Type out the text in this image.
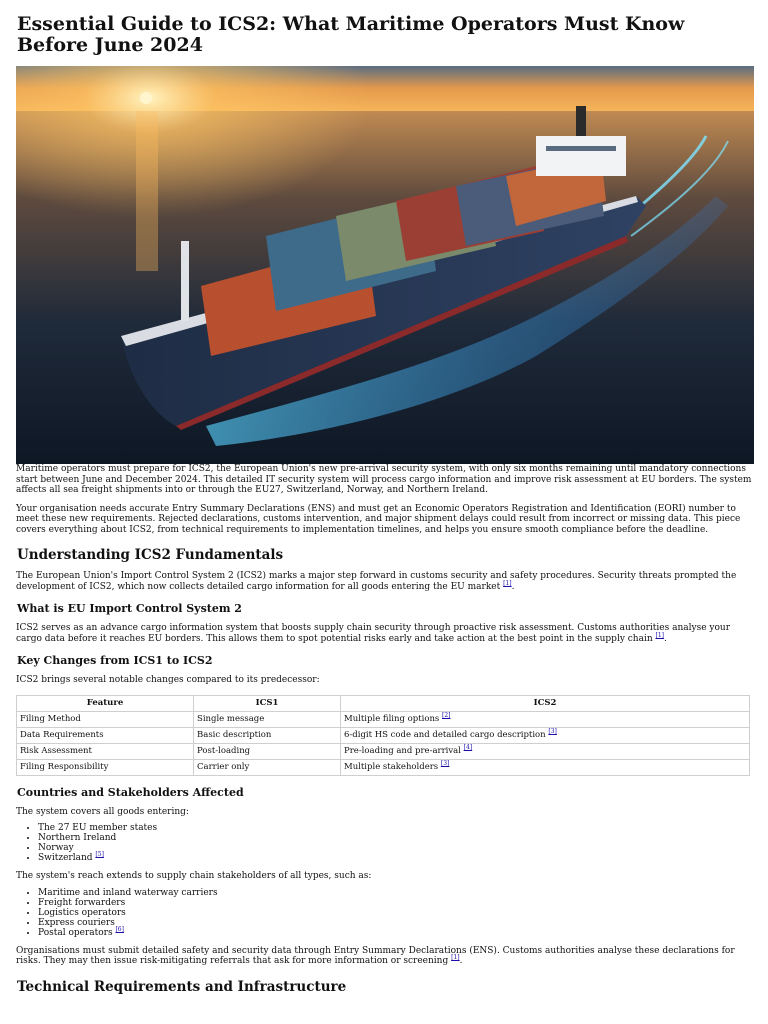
Essential Guide to ICS2: What Maritime Operators Must Know Before June 2024

Maritime operators must prepare for ICS2, the European Union's new pre-arrival security system, with only six months remaining until mandatory connections start between June and December 2024. This detailed IT security system will process cargo information and improve risk assessment at EU borders. The system affects all sea freight shipments into or through the EU27, Switzerland, Norway, and Northern Ireland.

Your organisation needs accurate Entry Summary Declarations (ENS) and must get an Economic Operators Registration and Identification (EORI) number to meet these new requirements. Rejected declarations, customs intervention, and major shipment delays could result from incorrect or missing data. This piece covers everything about ICS2, from technical requirements to implementation timelines, and helps you ensure smooth compliance before the deadline.

Understanding ICS2 Fundamentals

The European Union's Import Control System 2 (ICS2) marks a major step forward in customs security and safety procedures. Security threats prompted the development of ICS2, which now collects detailed cargo information for all goods entering the EU market [1].

What is EU Import Control System 2

ICS2 serves as an advance cargo information system that boosts supply chain security through proactive risk assessment. Customs authorities analyse your cargo data before it reaches EU borders. This allows them to spot potential risks early and take action at the best point in the supply chain [1].

Key Changes from ICS1 to ICS2

ICS2 brings several notable changes compared to its predecessor:

Feature	ICS1	ICS2
Filing Method	Single message	Multiple filing options [2]
Data Requirements	Basic description	6-digit HS code and detailed cargo description [3]
Risk Assessment	Post-loading	Pre-loading and pre-arrival [4]
Filing Responsibility	Carrier only	Multiple stakeholders [3]
Countries and Stakeholders Affected

The system covers all goods entering:

• The 27 EU member states
• Northern Ireland
• Norway
• Switzerland [5]

The system's reach extends to supply chain stakeholders of all types, such as:

• Maritime and inland waterway carriers
• Freight forwarders
• Logistics operators
• Express couriers
• Postal operators [6]

Organisations must submit detailed safety and security data through Entry Summary Declarations (ENS). Customs authorities analyse these declarations for risks. They may then issue risk-mitigating referrals that ask for more information or screening [1].

Technical Requirements and Infrastructure
